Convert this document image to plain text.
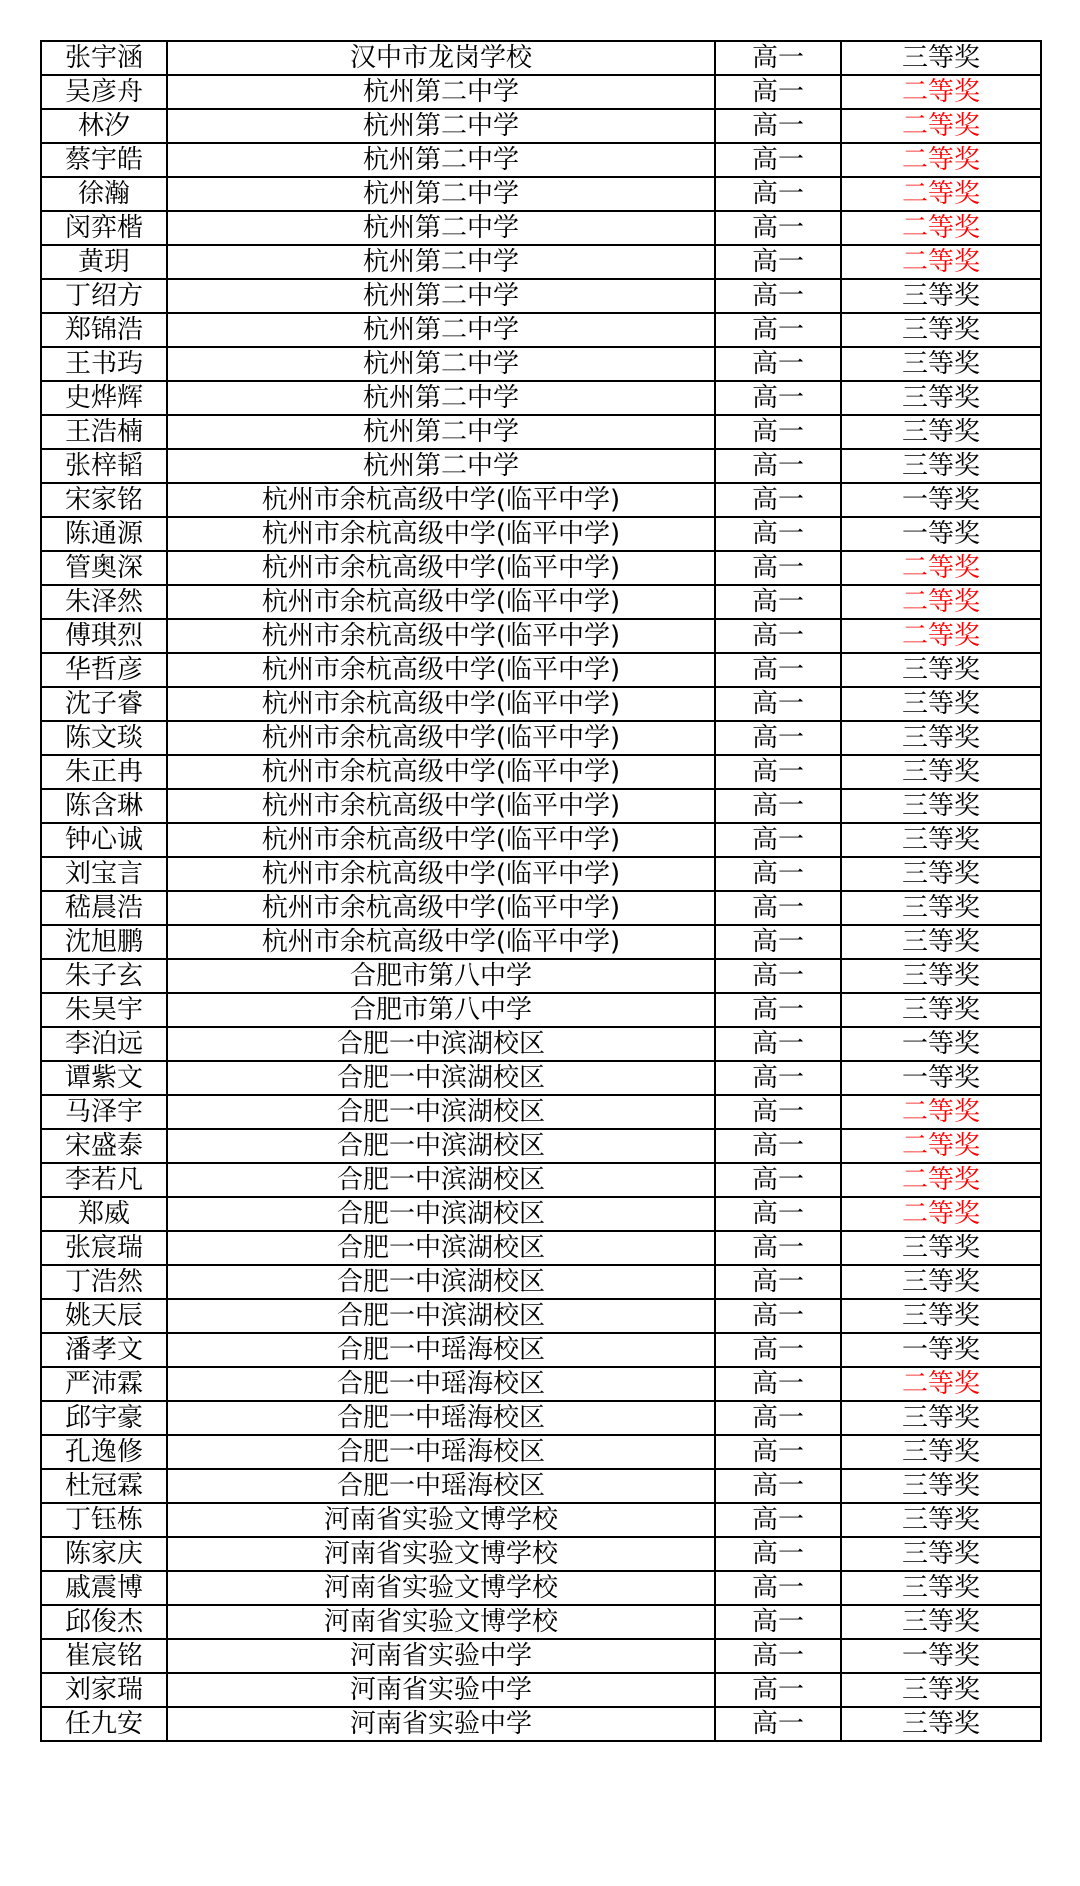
张宇涵	汉中市龙岗学校	高一	三等奖
吴彦舟	杭州第二中学	高一	二等奖
林汐	杭州第二中学	高一	二等奖
蔡宇皓	杭州第二中学	高一	二等奖
徐瀚	杭州第二中学	高一	二等奖
闵弈楷	杭州第二中学	高一	二等奖
黄玥	杭州第二中学	高一	二等奖
丁绍方	杭州第二中学	高一	三等奖
郑锦浩	杭州第二中学	高一	三等奖
王书玙	杭州第二中学	高一	三等奖
史烨辉	杭州第二中学	高一	三等奖
王浩楠	杭州第二中学	高一	三等奖
张梓韬	杭州第二中学	高一	三等奖
宋家铭	杭州市余杭高级中学(临平中学)	高一	一等奖
陈通源	杭州市余杭高级中学(临平中学)	高一	一等奖
管奥深	杭州市余杭高级中学(临平中学)	高一	二等奖
朱泽然	杭州市余杭高级中学(临平中学)	高一	二等奖
傅琪烈	杭州市余杭高级中学(临平中学)	高一	二等奖
华哲彦	杭州市余杭高级中学(临平中学)	高一	三等奖
沈子睿	杭州市余杭高级中学(临平中学)	高一	三等奖
陈文琰	杭州市余杭高级中学(临平中学)	高一	三等奖
朱正冉	杭州市余杭高级中学(临平中学)	高一	三等奖
陈含琳	杭州市余杭高级中学(临平中学)	高一	三等奖
钟心诚	杭州市余杭高级中学(临平中学)	高一	三等奖
刘宝言	杭州市余杭高级中学(临平中学)	高一	三等奖
嵇晨浩	杭州市余杭高级中学(临平中学)	高一	三等奖
沈旭鹏	杭州市余杭高级中学(临平中学)	高一	三等奖
朱子玄	合肥市第八中学	高一	三等奖
朱昊宇	合肥市第八中学	高一	三等奖
李泊远	合肥一中滨湖校区	高一	一等奖
谭紫文	合肥一中滨湖校区	高一	一等奖
马泽宇	合肥一中滨湖校区	高一	二等奖
宋盛泰	合肥一中滨湖校区	高一	二等奖
李若凡	合肥一中滨湖校区	高一	二等奖
郑威	合肥一中滨湖校区	高一	二等奖
张宸瑞	合肥一中滨湖校区	高一	三等奖
丁浩然	合肥一中滨湖校区	高一	三等奖
姚天辰	合肥一中滨湖校区	高一	三等奖
潘孝文	合肥一中瑶海校区	高一	一等奖
严沛霖	合肥一中瑶海校区	高一	二等奖
邱宇豪	合肥一中瑶海校区	高一	三等奖
孔逸修	合肥一中瑶海校区	高一	三等奖
杜冠霖	合肥一中瑶海校区	高一	三等奖
丁钰栋	河南省实验文博学校	高一	三等奖
陈家庆	河南省实验文博学校	高一	三等奖
戚震博	河南省实验文博学校	高一	三等奖
邱俊杰	河南省实验文博学校	高一	三等奖
崔宸铭	河南省实验中学	高一	一等奖
刘家瑞	河南省实验中学	高一	三等奖
任九安	河南省实验中学	高一	三等奖
